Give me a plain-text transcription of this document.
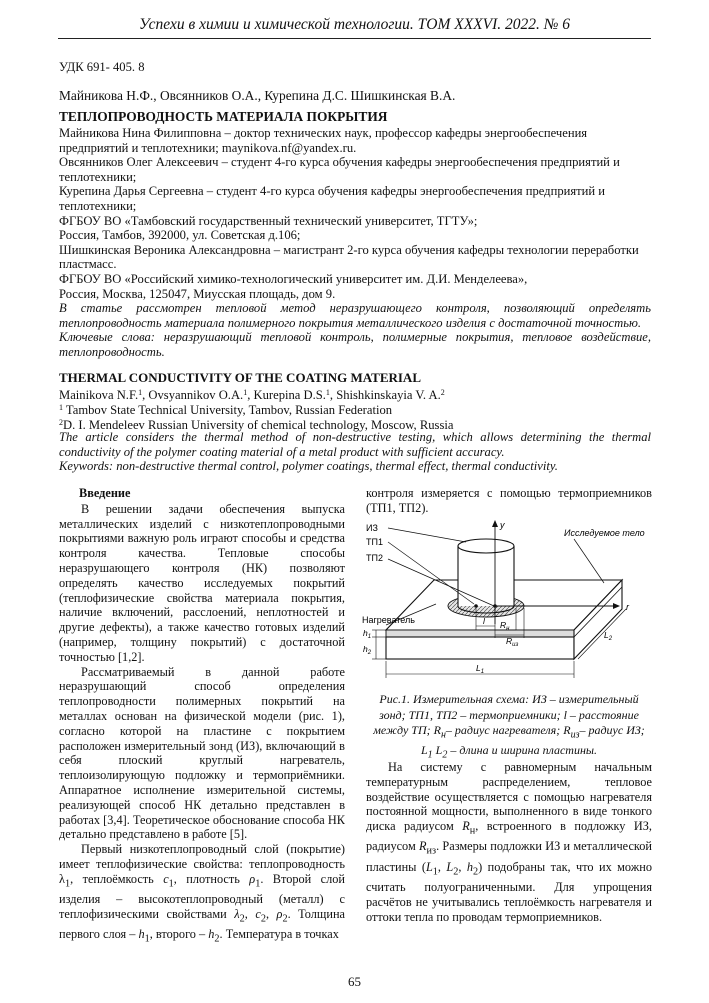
Успехи в химии и химической технологии. ТОМ XXXVI. 2022. № 6
УДК 691- 405. 8
Майникова Н.Ф., Овсянников О.А., Курепина Д.С. Шишкинская В.А.
ТЕПЛОПРОВОДНОСТЬ МАТЕРИАЛА ПОКРЫТИЯ
Майникова Нина Филипповна – доктор технических наук, профессор кафедры энергообеспечения
предприятий и теплотехники; maynikova.nf@yandex.ru.
Овсянников Олег Алексеевич – студент 4-го курса обучения кафедры энергообеспечения предприятий и
теплотехники;
Курепина Дарья Сергеевна – студент 4-го курса обучения кафедры энергообеспечения предприятий и
теплотехники;
ФГБОУ ВО «Тамбовский государственный технический университет, ТГТУ»;
Россия, Тамбов, 392000, ул. Советская д.106;
Шишкинская Вероника Александровна – магистрант 2-го курса обучения кафедры технологии переработки
пластмасс.
ФГБОУ ВО «Российский химико-технологический университет им. Д.И. Менделеева»,
Россия, Москва, 125047, Миусская площадь, дом 9.
В статье рассмотрен тепловой метод неразрушающего контроля, позволяющий определять теплопроводность материала полимерного покрытия металлического изделия с достаточной точностью.
Ключевые слова: неразрушающий тепловой контроль, полимерные покрытия, тепловое воздействие, теплопроводность.
THERMAL CONDUCTIVITY OF THE COATING MATERIAL
Mainikova N.F.$^1$, Ovsyannikov O.A.$^1$, Kurepina D.S.$^1$, Shishkinskayia V. A.$^2$
$^1$ Tambov State Technical University, Tambov, Russian Federation
$^2$D. I. Mendeleev Russian University of chemical technology, Moscow, Russia
The article considers the thermal method of non-destructive testing, which allows determining the thermal conductivity of the polymer coating material of a metal product with sufficient accuracy.
Keywords: non-destructive thermal control, polymer coatings, thermal effect, thermal conductivity.
Введение

В решении задачи обеспечения выпуска металлических изделий с низкотеплопроводными покрытиями важную роль играют способы и средства контроля качества. Тепловые способы неразрушающего контроля (НК) позволяют определять качество исследуемых покрытий (теплофизические свойства материала покрытия, наличие включений, расслоений, неплотностей и другие дефекты), а также качество готовых изделий (например, толщину покрытий) с достаточной точностью [1,2].

Рассматриваемый в данной работе неразрушающий способ определения теплопроводности полимерных покрытий на металлах основан на физической модели (рис. 1), согласно которой на пластине с покрытием расположен измерительный зонд (ИЗ), включающий в себя плоский круглый нагреватель, теплоизолирующую подложку и термоприёмники. Аппаратное исполнение измерительной системы, реализующей способ НК детально представлен в работах [3,4]. Теоретическое обоснование способа НК детально представлено в работе [5].

Первый низкотеплопроводный слой (покрытие) имеет теплофизические свойства: теплопроводность $\lambda_1$, теплоёмкость $c_1$, плотность $\rho_1$. Второй слой изделия – высокотеплопроводный (металл) с теплофизическими свойствами $\lambda_2$, $c_2$, $\rho_2$. Толщина первого слоя – $h_1$, второго – $h_2$. Температура в точках

контроля измеряется с помощью термоприемников (ТП1, ТП2).

ИЗ
ТП1
ТП2
Нагреватель
Исследуемое тело
y
r
l $R_н$
$R_{из}$
$h_1$
$h_2$
$L_1$
$L_2$
Рис.1. Измерительная схема: ИЗ – измерительный
зонд; ТП1, ТП2 – термоприемники; l – расстояние
между ТП; $R_н-$ радиус нагревателя; $R_{из}-$ радиус ИЗ;
$L_1$ $L_2$ – длина и ширина пластины.

На систему с равномерным начальным температурным распределением, тепловое воздействие осуществляется с помощью нагревателя постоянной мощности, выполненного в виде тонкого диска радиусом $R_н$, встроенного в подложку ИЗ, радиусом $R_{из}$. Размеры подложки ИЗ и металлической пластины ($L_1$, $L_2$, $h_2$) подобраны так, что их можно считать полуограниченными. Для упрощения расчётов не учитывались теплоёмкость нагревателя и оттоки тепла по проводам термоприемников.

65
